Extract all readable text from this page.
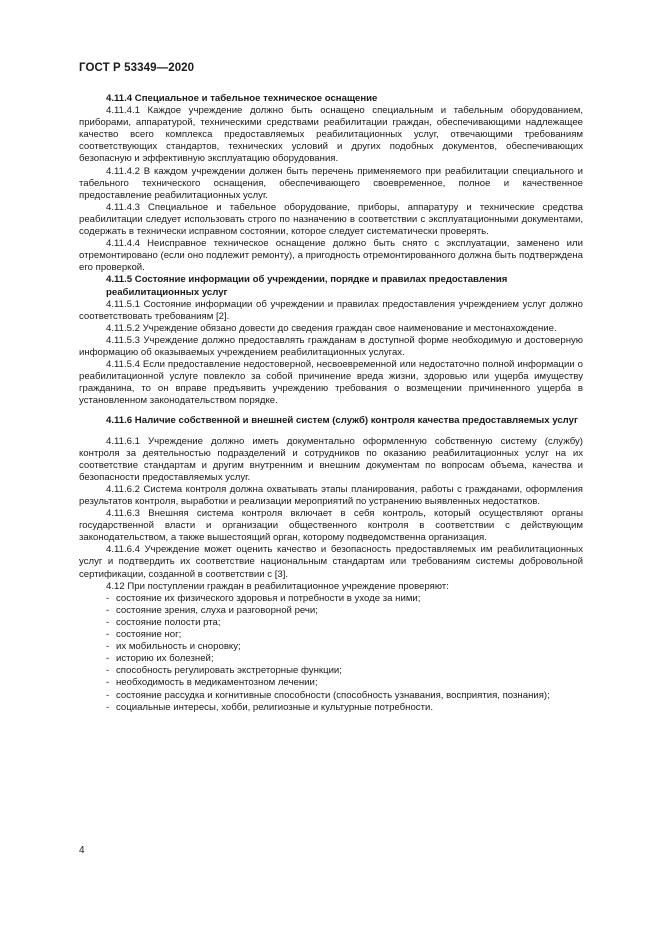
ГОСТ Р 53349—2020

4.11.4 Специальное и табельное техническое оснащение

4.11.4.1 Каждое учреждение должно быть оснащено специальным и табельным оборудованием, приборами, аппаратурой, техническими средствами реабилитации граждан, обеспечивающими надлежащее качество всего комплекса предоставляемых реабилитационных услуг, отвечающими требованиям соответствующих стандартов, технических условий и других подобных документов, обеспечивающих безопасную и эффективную эксплуатацию оборудования.

4.11.4.2 В каждом учреждении должен быть перечень применяемого при реабилитации специального и табельного технического оснащения, обеспечивающего своевременное, полное и качественное предоставление реабилитационных услуг.

4.11.4.3 Специальное и табельное оборудование, приборы, аппаратуру и технические средства реабилитации следует использовать строго по назначению в соответствии с эксплуатационными документами, содержать в технически исправном состоянии, которое следует систематически проверять.

4.11.4.4 Неисправное техническое оснащение должно быть снято с эксплуатации, заменено или отремонтировано (если оно подлежит ремонту), а пригодность отремонтированного должна быть подтверждена его проверкой.

4.11.5 Состояние информации об учреждении, порядке и правилах предоставления реабилитационных услуг

4.11.5.1 Состояние информации об учреждении и правилах предоставления учреждением услуг должно соответствовать требованиям [2].

4.11.5.2 Учреждение обязано довести до сведения граждан свое наименование и местонахождение.

4.11.5.3 Учреждение должно предоставлять гражданам в доступной форме необходимую и достоверную информацию об оказываемых учреждением реабилитационных услугах.

4.11.5.4 Если предоставление недостоверной, несвоевременной или недостаточно полной информации о реабилитационной услуге повлекло за собой причинение вреда жизни, здоровью или ущерба имуществу гражданина, то он вправе предъявить учреждению требования о возмещении причиненного ущерба в установленном законодательством порядке.

4.11.6 Наличие собственной и внешней систем (служб) контроля качества предоставляемых услуг

4.11.6.1 Учреждение должно иметь документально оформленную собственную систему (службу) контроля за деятельностью подразделений и сотрудников по оказанию реабилитационных услуг на их соответствие стандартам и другим внутренним и внешним документам по вопросам объема, качества и безопасности предоставляемых услуг.

4.11.6.2 Система контроля должна охватывать этапы планирования, работы с гражданами, оформления результатов контроля, выработки и реализации мероприятий по устранению выявленных недостатков.

4.11.6.3 Внешняя система контроля включает в себя контроль, который осуществляют органы государственной власти и организации общественного контроля в соответствии с действующим законодательством, а также вышестоящий орган, которому подведомственна организация.

4.11.6.4 Учреждение может оценить качество и безопасность предоставляемых им реабилитационных услуг и подтвердить их соответствие национальным стандартам или требованиям системы добровольной сертификации, созданной в соответствии с [3].

4.12 При поступлении граждан в реабилитационное учреждение проверяют:

- состояние их физического здоровья и потребности в уходе за ними;
- состояние зрения, слуха и разговорной речи;
- состояние полости рта;
- состояние ног;
- их мобильность и сноровку;
- историю их болезней;
- способность регулировать экстреторные функции;
- необходимость в медикаментозном лечении;
- состояние рассудка и когнитивные способности (способность узнавания, восприятия, познания);
- социальные интересы, хобби, религиозные и культурные потребности.
4
